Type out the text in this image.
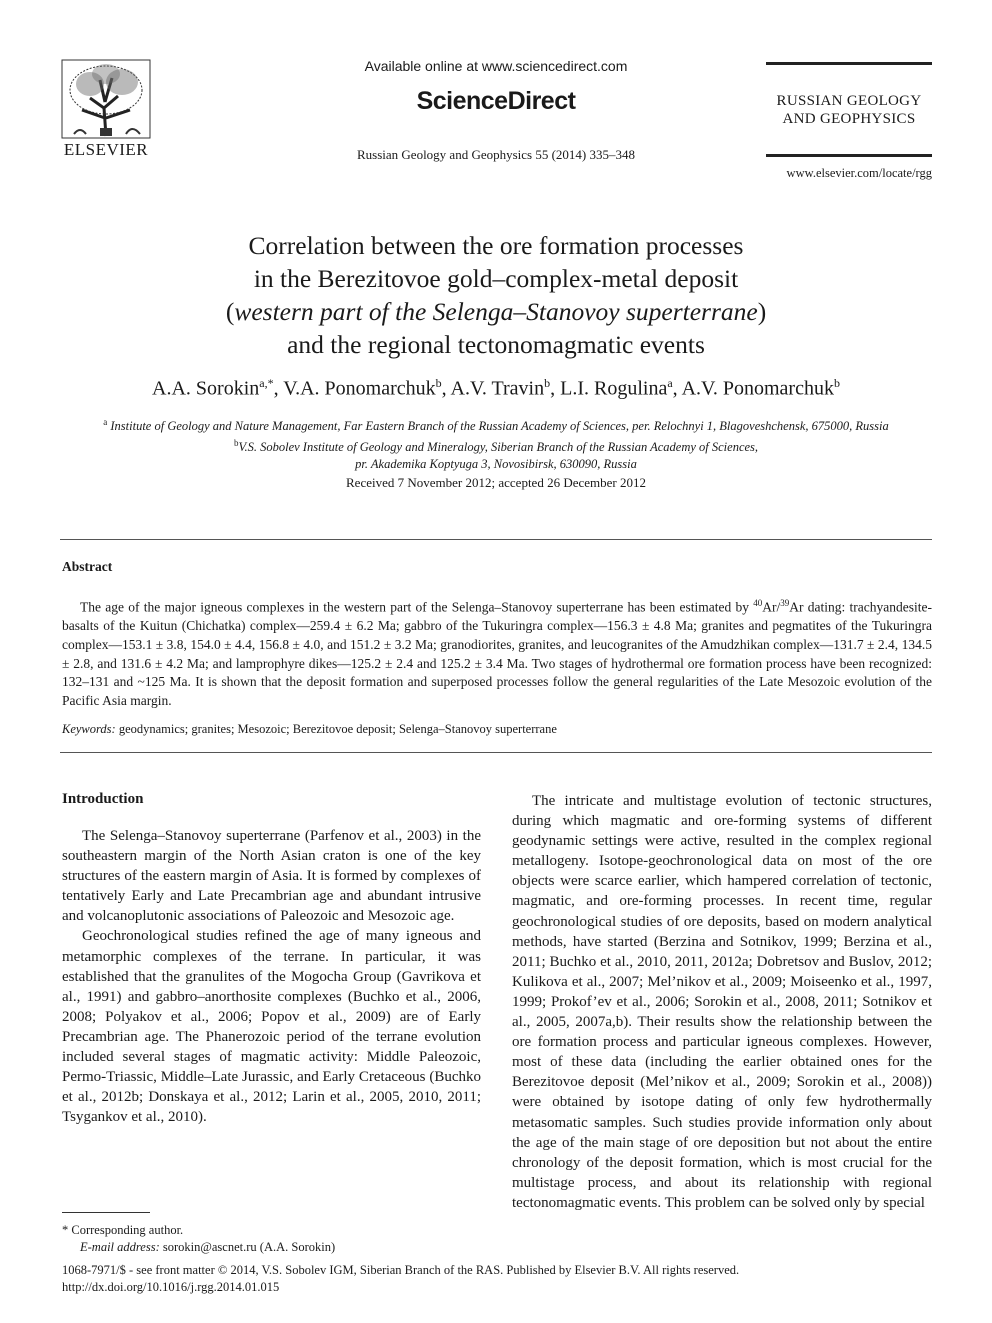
ELSEVIER
Available online at www.sciencedirect.com
ScienceDirect
Russian Geology and Geophysics 55 (2014) 335–348
RUSSIAN GEOLOGY
AND GEOPHYSICS
www.elsevier.com/locate/rgg
Correlation between the ore formation processes
in the Berezitovoe gold–complex-metal deposit
(western part of the Selenga–Stanovoy superterrane)
and the regional tectonomagmatic events
A.A. Sorokin$^{a,*}$, V.A. Ponomarchuk$^b$, A.V. Travin$^b$, L.I. Rogulina$^a$, A.V. Ponomarchuk$^b$
$^a$ Institute of Geology and Nature Management, Far Eastern Branch of the Russian Academy of Sciences, per. Relochnyi 1, Blagoveshchensk, 675000, Russia
$^b$V.S. Sobolev Institute of Geology and Mineralogy, Siberian Branch of the Russian Academy of Sciences,
pr. Akademika Koptyuga 3, Novosibirsk, 630090, Russia
Received 7 November 2012; accepted 26 December 2012
Abstract
The age of the major igneous complexes in the western part of the Selenga–Stanovoy superterrane has been estimated by $^{40}$Ar/$^{39}$Ar dating: trachyandesite-basalts of the Kuitun (Chichatka) complex—259.4 ± 6.2 Ma; gabbro of the Tukuringra complex—156.3 ± 4.8 Ma; granites and pegmatites of the Tukuringra complex—153.1 ± 3.8, 154.0 ± 4.4, 156.8 ± 4.0, and 151.2 ± 3.2 Ma; granodiorites, granites, and leucogranites of the Amudzhikan complex—131.7 ± 2.4, 134.5 ± 2.8, and 131.6 ± 4.2 Ma; and lamprophyre dikes—125.2 ± 2.4 and 125.2 ± 3.4 Ma. Two stages of hydrothermal ore formation process have been recognized: 132–131 and ~125 Ma. It is shown that the deposit formation and superposed processes follow the general regularities of the Late Mesozoic evolution of the Pacific Asia margin.
Keywords: geodynamics; granites; Mesozoic; Berezitovoe deposit; Selenga–Stanovoy superterrane
Introduction

The Selenga–Stanovoy superterrane (Parfenov et al., 2003) in the southeastern margin of the North Asian craton is one of the key structures of the eastern margin of Asia. It is formed by complexes of tentatively Early and Late Precambrian age and abundant intrusive and volcanoplutonic associations of Paleozoic and Mesozoic age.

Geochronological studies refined the age of many igneous and metamorphic complexes of the terrane. In particular, it was established that the granulites of the Mogocha Group (Gavrikova et al., 1991) and gabbro–anorthosite complexes (Buchko et al., 2006, 2008; Polyakov et al., 2006; Popov et al., 2009) are of Early Precambrian age. The Phanerozoic period of the terrane evolution included several stages of magmatic activity: Middle Paleozoic, Permo-Triassic, Middle–Late Jurassic, and Early Cretaceous (Buchko et al., 2012b; Donskaya et al., 2012; Larin et al., 2005, 2010, 2011; Tsygankov et al., 2010).

The intricate and multistage evolution of tectonic structures, during which magmatic and ore-forming systems of different geodynamic settings were active, resulted in the complex regional metallogeny. Isotope-geochronological data on most of the ore objects were scarce earlier, which hampered correlation of tectonic, magmatic, and ore-forming processes. In recent time, regular geochronological studies of ore deposits, based on modern analytical methods, have started (Berzina and Sotnikov, 1999; Berzina et al., 2011; Buchko et al., 2010, 2011, 2012a; Dobretsov and Buslov, 2012; Kulikova et al., 2007; Mel’nikov et al., 2009; Moiseenko et al., 1997, 1999; Prokof’ev et al., 2006; Sorokin et al., 2008, 2011; Sotnikov et al., 2005, 2007a,b). Their results show the relationship between the ore formation process and particular igneous complexes. However, most of these data (including the earlier obtained ones for the Berezitovoe deposit (Mel’nikov et al., 2009; Sorokin et al., 2008)) were obtained by isotope dating of only few hydrothermally metasomatic samples. Such studies provide information only about the age of the main stage of ore deposition but not about the entire chronology of the deposit formation, which is most crucial for the multistage process, and about its relationship with regional tectonomagmatic events. This problem can be solved only by special

* Corresponding author.
E-mail address: sorokin@ascnet.ru (A.A. Sorokin)
1068-7971/$ - see front matter © 2014, V.S. Sobolev IGM, Siberian Branch of the RAS. Published by Elsevier B.V. All rights reserved.
http://dx.doi.org/10.1016/j.rgg.2014.01.015
